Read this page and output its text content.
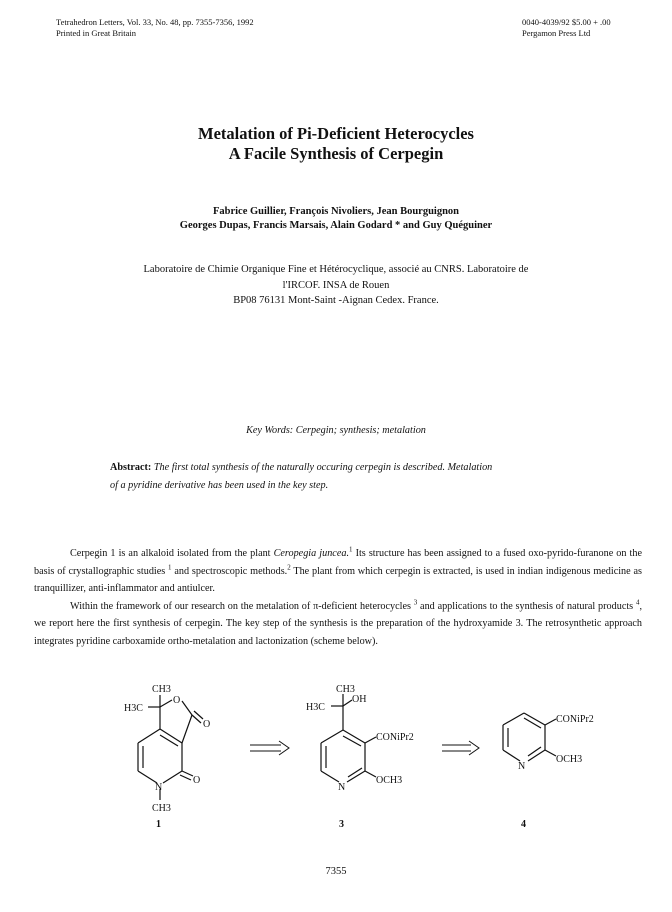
Tetrahedron Letters, Vol. 33, No. 48, pp. 7355-7356, 1992
Printed in Great Britain
0040-4039/92 $5.00 + .00
Pergamon Press Ltd
Metalation of Pi-Deficient Heterocycles
A Facile Synthesis of Cerpegin
Fabrice Guillier, François Nivoliers, Jean Bourguignon
Georges Dupas, Francis Marsais, Alain Godard * and Guy Quéguiner
Laboratoire de Chimie Organique Fine et Hétérocyclique, associé au CNRS. Laboratoire de
l'IRCOF. INSA de Rouen
BP08 76131 Mont-Saint -Aignan Cedex. France.
Key Words: Cerpegin; synthesis; metalation
Abstract: The first total synthesis of the naturally occuring cerpegin is described. Metalation
of a pyridine derivative has been used in the key step.

Cerpegin 1 is an alkaloid isolated from the plant Ceropegia juncea.$^1$ Its structure has been assigned to a fused oxo-pyrido-furanone on the basis of crystallographic studies $^1$ and spectroscopic methods.$^2$ The plant from which cerpegin is extracted, is used in indian indigenous medicine as tranquillizer, anti-inflammator and antiulcer.

Within the framework of our research on the metalation of π-deficient heterocycles $^3$ and applications to the synthesis of natural products $^4$, we report here the first synthesis of cerpegin. The key step of the synthesis is the preparation of the hydroxyamide 3. The retrosynthetic approach integrates pyridine carboxamide ortho-metalation and lactonization (scheme below).

CH3
H3C
O
O
O
N
CH3
1
CH3
H3C
OH
CONiPr2
N
OCH3
3
CONiPr2
N
OCH3
4
7355
